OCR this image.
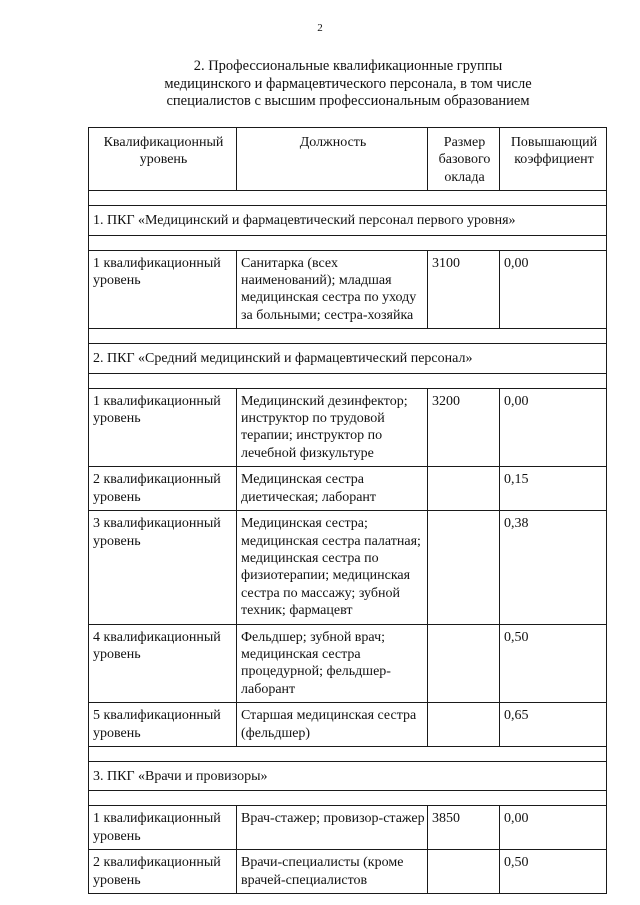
2
2. Профессиональные квалификационные группы
медицинского и фармацевтического персонала, в том числе
специалистов с высшим профессиональным образованием
Квалификационный уровень	Должность	Размер базового оклада	Повышающий коэффициент

1. ПКГ «Медицинский и фармацевтический персонал первого уровня»			

1 квалификационный уровень	Санитарка (всех наименований); младшая медицинская сестра по уходу за больными; сестра-хозяйка	3100	0,00

2. ПКГ «Средний медицинский и фармацевтический персонал»			

1 квалификационный уровень	Медицинский дезинфектор; инструктор по трудовой терапии; инструктор по лечебной физкультуре	3200	0,00
2 квалификационный уровень	Медицинская сестра диетическая; лаборант		0,15
3 квалификационный уровень	Медицинская сестра; медицинская сестра палатная; медицинская сестра по физиотерапии; медицинская сестра по массажу; зубной техник; фармацевт		0,38
4 квалификационный уровень	Фельдшер; зубной врач; медицинская сестра процедурной; фельдшер-лаборант		0,50
5 квалификационный уровень	Старшая медицинская сестра (фельдшер)		0,65

3. ПКГ «Врачи и провизоры»			

1 квалификационный уровень	Врач-стажер; провизор-стажер	3850	0,00
2 квалификационный уровень	Врачи-специалисты (кроме врачей-специалистов		0,50
